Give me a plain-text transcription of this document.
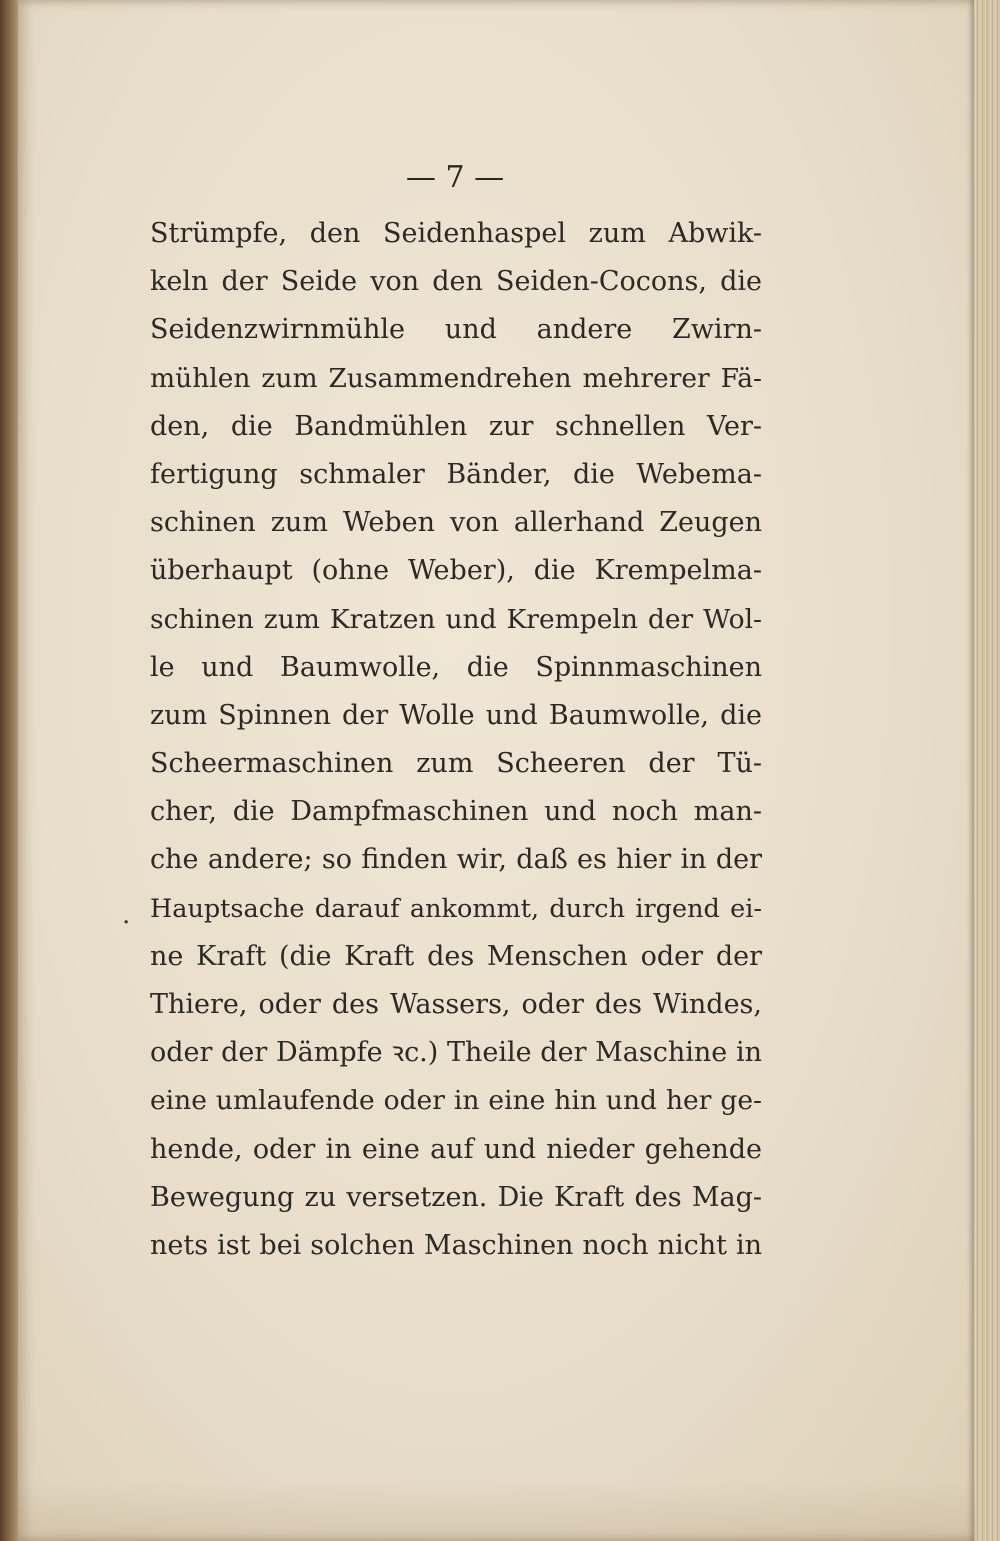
— 7 —
.
Strümpfe, den Seidenhaspel zum Abwik-
keln der Seide von den Seiden-Cocons, die
Seidenzwirnmühle und andere Zwirn-
mühlen zum Zusammendrehen mehrerer Fä-
den, die Bandmühlen zur schnellen Ver-
fertigung schmaler Bänder, die Webema-
schinen zum Weben von allerhand Zeugen
überhaupt (ohne Weber), die Krempelma-
schinen zum Kratzen und Krempeln der Wol-
le und Baumwolle, die Spinnmaschinen
zum Spinnen der Wolle und Baumwolle, die
Scheermaschinen zum Scheeren der Tü-
cher, die Dampfmaschinen und noch man-
che andere; so finden wir, daß es hier in der
Hauptsache darauf ankommt, durch irgend ei-
ne Kraft (die Kraft des Menschen oder der
Thiere, oder des Wassers, oder des Windes,
oder der Dämpfe ꝛc.) Theile der Maschine in
eine umlaufende oder in eine hin und her ge-
hende, oder in eine auf und nieder gehende
Bewegung zu versetzen. Die Kraft des Mag-
nets ist bei solchen Maschinen noch nicht in
